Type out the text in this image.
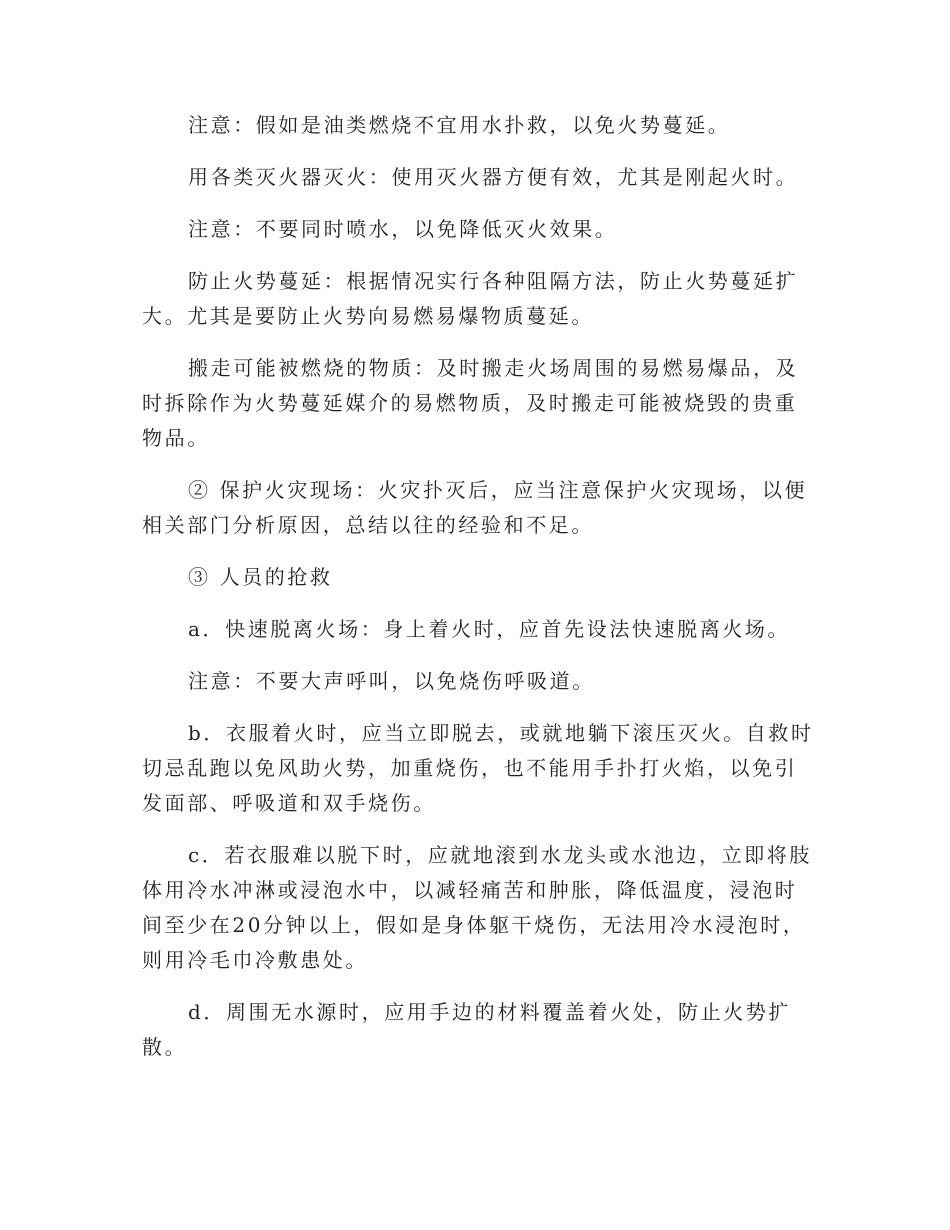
注意：假如是油类燃烧不宜用水扑救，以免火势蔓延。

用各类灭火器灭火：使用灭火器方便有效，尤其是刚起火时。

注意：不要同时喷水，以免降低灭火效果。

防止火势蔓延：根据情况实行各种阻隔方法，防止火势蔓延扩大。尤其是要防止火势向易燃易爆物质蔓延。

搬走可能被燃烧的物质：及时搬走火场周围的易燃易爆品，及时拆除作为火势蔓延媒介的易燃物质，及时搬走可能被烧毁的贵重物品。

② 保护火灾现场：火灾扑灭后，应当注意保护火灾现场，以便相关部门分析原因，总结以往的经验和不足。

③ 人员的抢救

a．快速脱离火场：身上着火时，应首先设法快速脱离火场。

注意：不要大声呼叫，以免烧伤呼吸道。

b．衣服着火时，应当立即脱去，或就地躺下滚压灭火。自救时切忌乱跑以免风助火势，加重烧伤，也不能用手扑打火焰，以免引发面部、呼吸道和双手烧伤。

c．若衣服难以脱下时，应就地滚到水龙头或水池边，立即将肢体用冷水冲淋或浸泡水中，以减轻痛苦和肿胀，降低温度，浸泡时间至少在20分钟以上，假如是身体躯干烧伤，无法用冷水浸泡时，则用冷毛巾冷敷患处。

d．周围无水源时，应用手边的材料覆盖着火处，防止火势扩散。
